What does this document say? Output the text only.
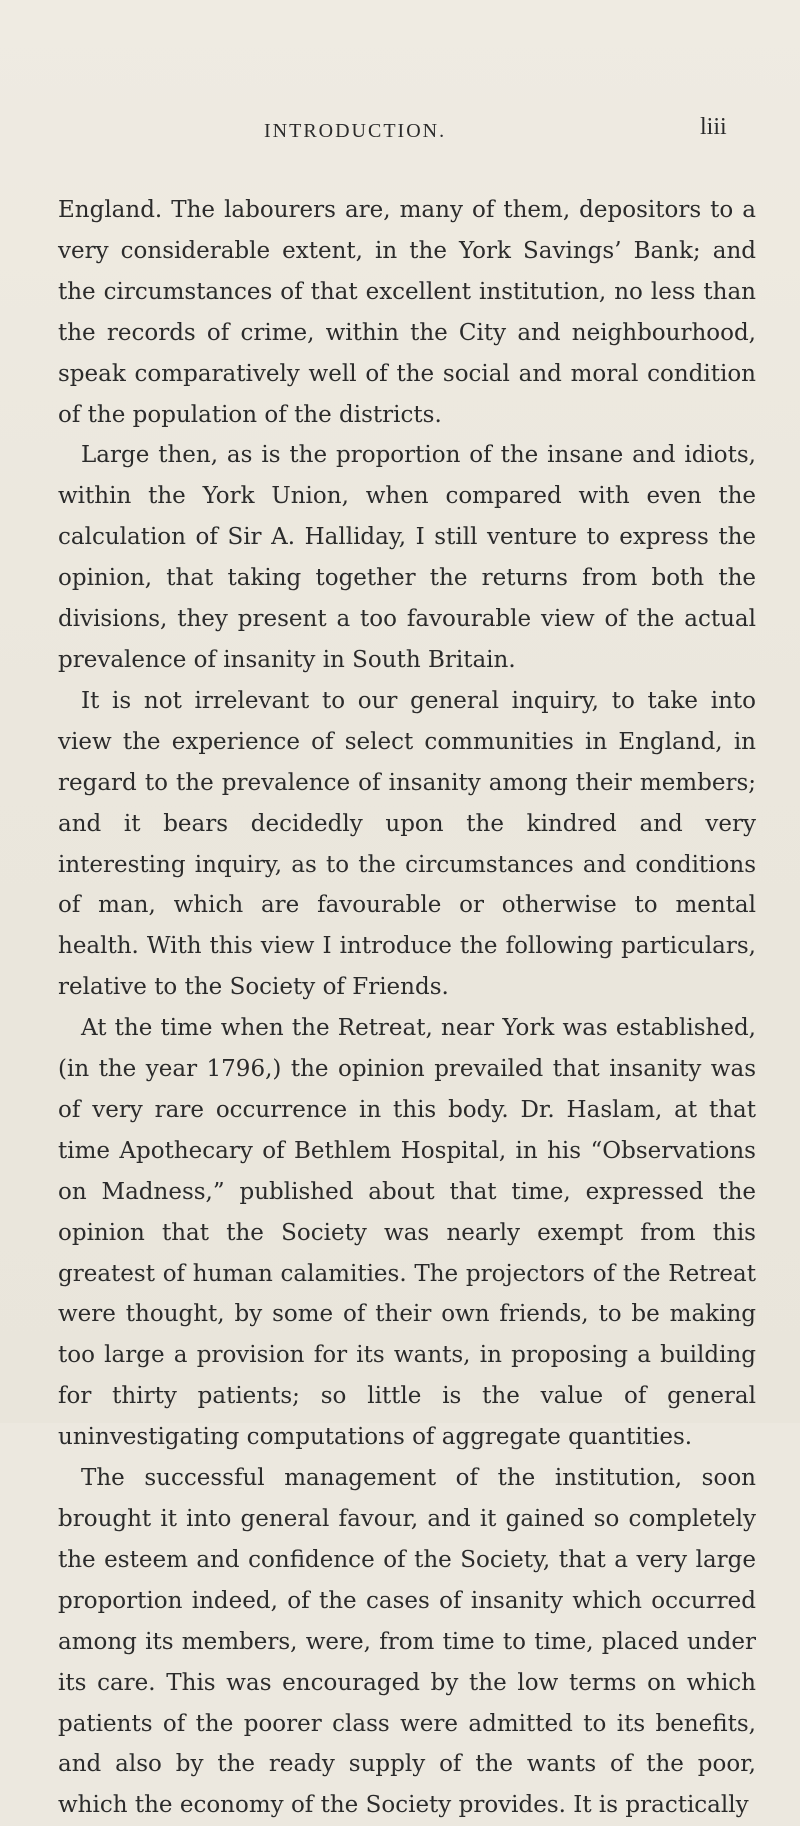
INTRODUCTION.	liii

England. The labourers are, many of them, depositors to a very considerable extent, in the York Savings’ Bank; and the circumstances of that excellent institution, no less than the records of crime, within the City and neighbourhood, speak comparatively well of the social and moral condition of the population of the districts.

Large then, as is the proportion of the insane and idiots, within the York Union, when compared with even the calculation of Sir A. Halliday, I still venture to express the opinion, that taking together the returns from both the divisions, they present a too favourable view of the actual prevalence of insanity in South Britain.

It is not irrelevant to our general inquiry, to take into view the experience of select communities in England, in regard to the prevalence of insanity among their members; and it bears decidedly upon the kindred and very interesting inquiry, as to the circumstances and conditions of man, which are favourable or otherwise to mental health. With this view I introduce the following particulars, relative to the Society of Friends.

At the time when the Retreat, near York was established, (in the year 1796,) the opinion prevailed that insanity was of very rare occurrence in this body. Dr. Haslam, at that time Apothecary of Bethlem Hospital, in his “Observations on Madness,” published about that time, expressed the opinion that the Society was nearly exempt from this greatest of human calamities. The projectors of the Retreat were thought, by some of their own friends, to be making too large a provision for its wants, in proposing a building for thirty patients; so little is the value of general uninvestigating computations of aggregate quantities.

The successful management of the institution, soon brought it into general favour, and it gained so completely the esteem and confidence of the Society, that a very large proportion indeed, of the cases of insanity which occurred among its members, were, from time to time, placed under its care. This was encouraged by the low terms on which patients of the poorer class were admitted to its benefits, and also by the ready supply of the wants of the poor, which the economy of the Society provides. It is practically
